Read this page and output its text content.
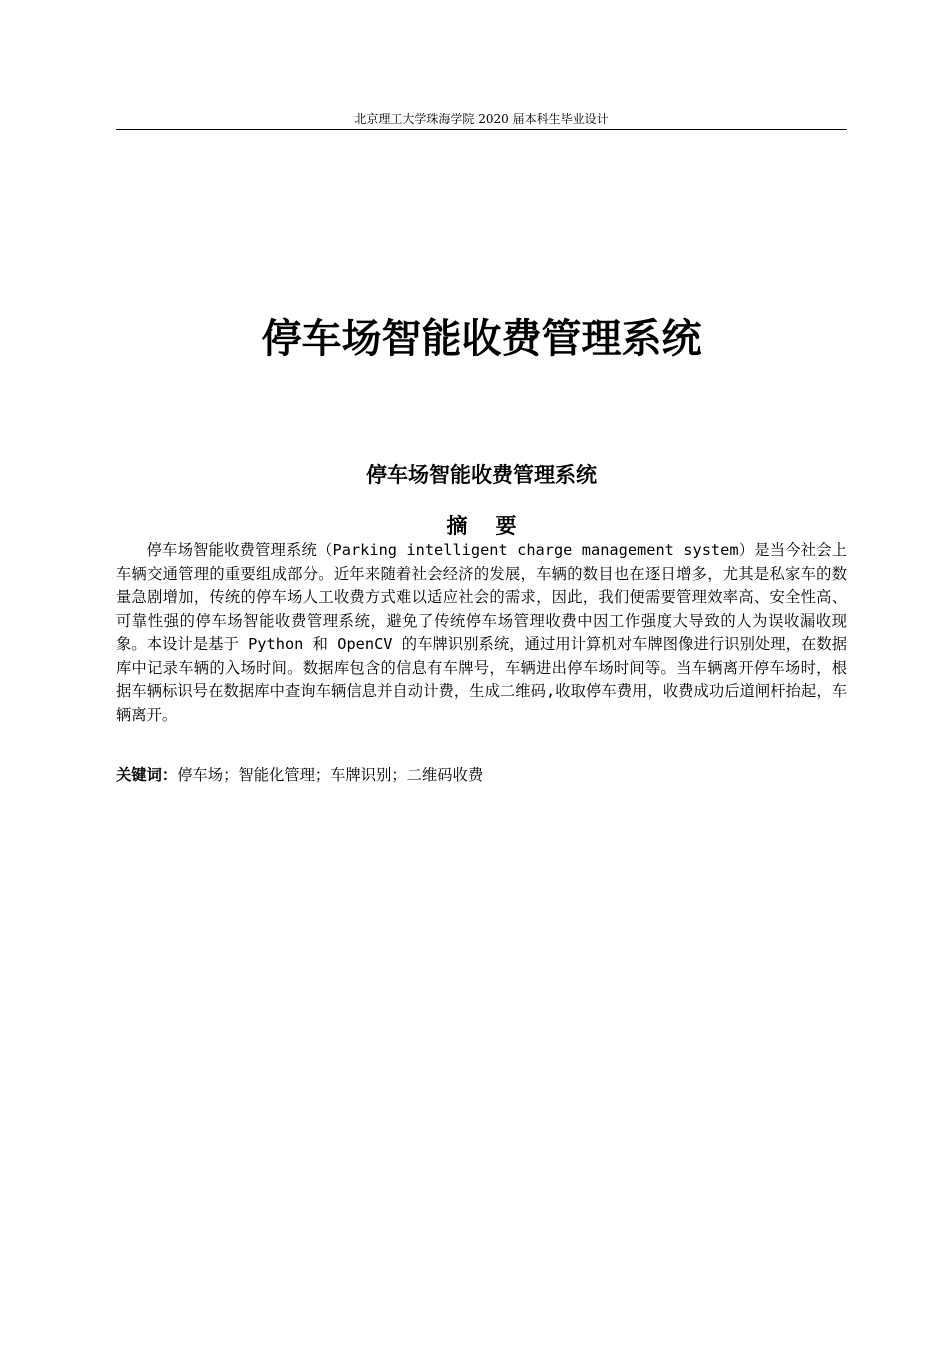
北京理工大学珠海学院 2020 届本科生毕业设计
停车场智能收费管理系统
停车场智能收费管理系统
摘要

停车场智能收费管理系统（Parking intelligent charge management system）是当今社会上车辆交通管理的重要组成部分。近年来随着社会经济的发展，车辆的数目也在逐日增多，尤其是私家车的数量急剧增加，传统的停车场人工收费方式难以适应社会的需求，因此，我们便需要管理效率高、安全性高、可靠性强的停车场智能收费管理系统，避免了传统停车场管理收费中因工作强度大导致的人为误收漏收现象。本设计是基于 Python 和 OpenCV 的车牌识别系统，通过用计算机对车牌图像进行识别处理，在数据库中记录车辆的入场时间。数据库包含的信息有车牌号，车辆进出停车场时间等。当车辆离开停车场时，根据车辆标识号在数据库中查询车辆信息并自动计费，生成二维码,收取停车费用，收费成功后道闸杆抬起，车辆离开。

关键词：停车场；智能化管理；车牌识别；二维码收费
